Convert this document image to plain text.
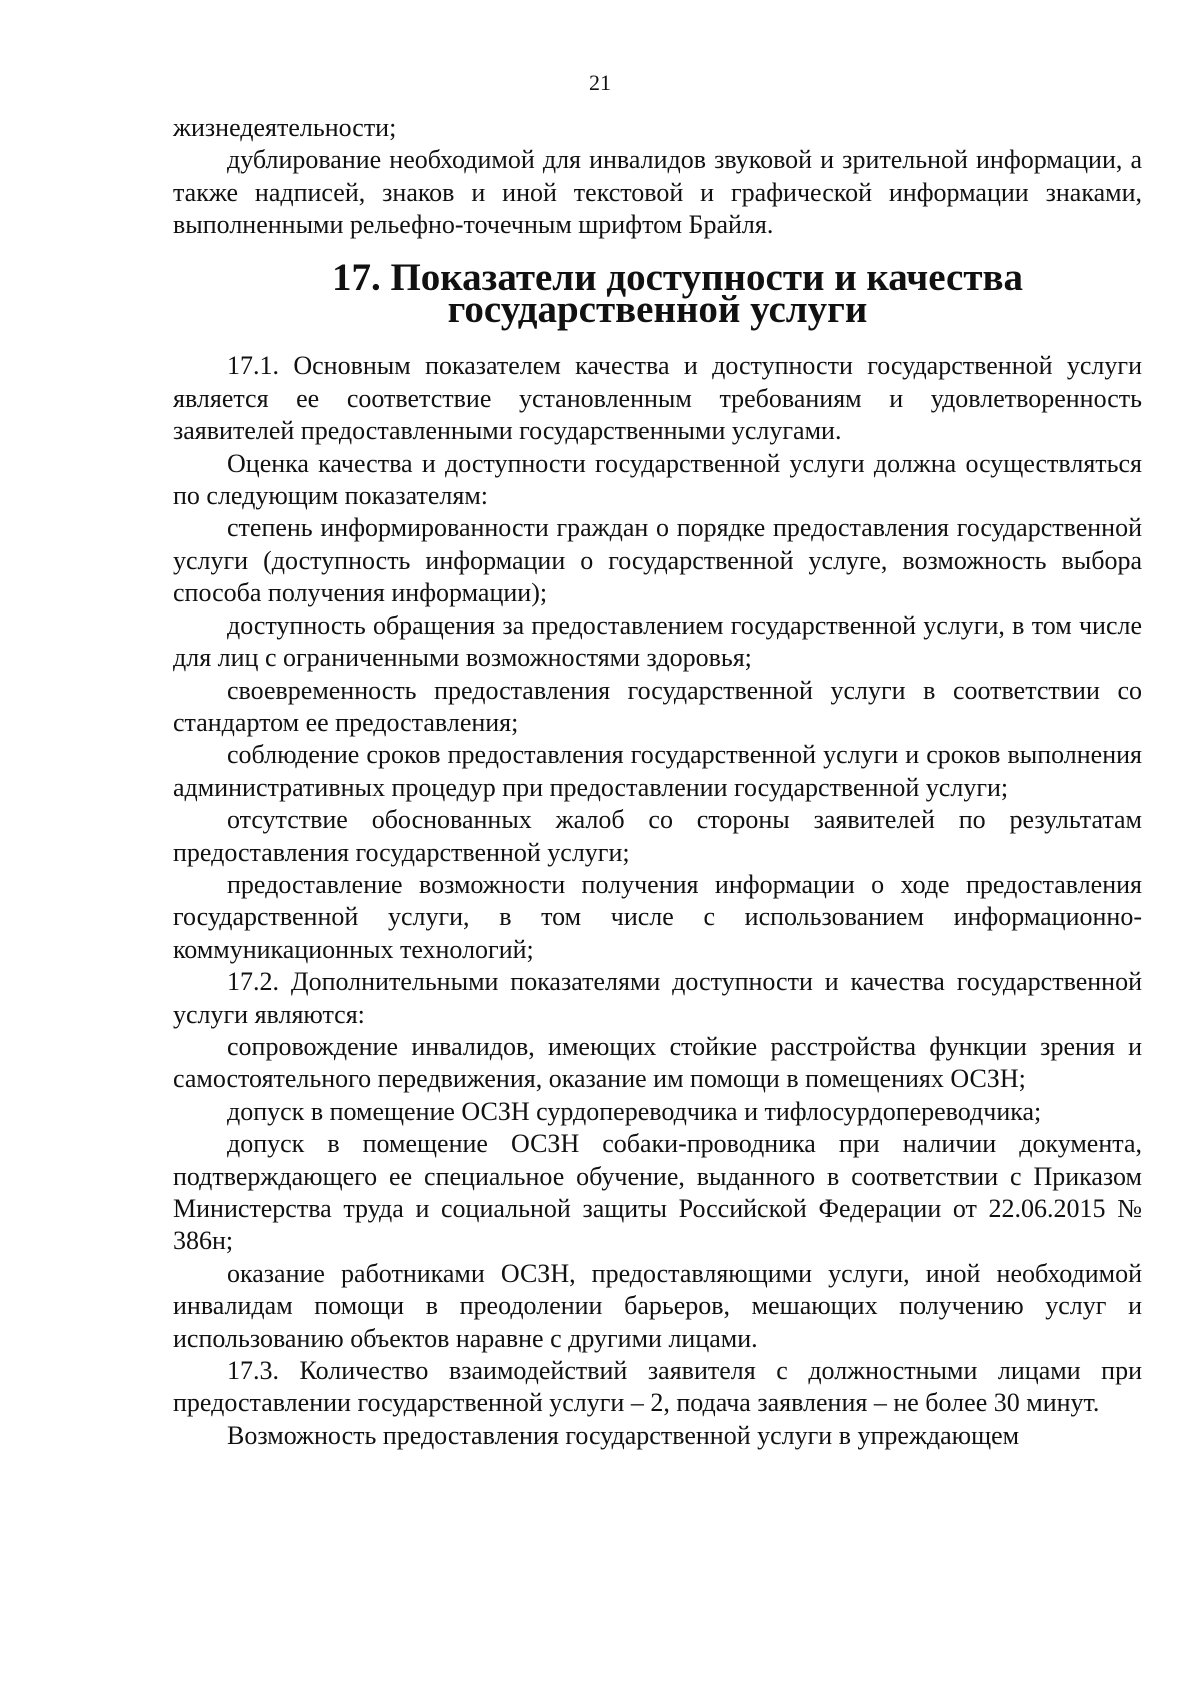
21

жизнедеятельности;

дублирование необходимой для инвалидов звуковой и зрительной информации, а также надписей, знаков и иной текстовой и графической информации знаками, выполненными рельефно-точечным шрифтом Брайля.

17. Показатели доступности и качества государственной услуги

17.1. Основным показателем качества и доступности государственной услуги является ее соответствие установленным требованиям и удовлетворенность заявителей предоставленными государственными услугами.

Оценка качества и доступности государственной услуги должна осуществляться по следующим показателям:

степень информированности граждан о порядке предоставления государственной услуги (доступность информации о государственной услуге, возможность выбора способа получения информации);

доступность обращения за предоставлением государственной услуги, в том числе для лиц с ограниченными возможностями здоровья;

своевременность предоставления государственной услуги в соответствии со стандартом ее предоставления;

соблюдение сроков предоставления государственной услуги и сроков выполнения административных процедур при предоставлении государственной услуги;

отсутствие обоснованных жалоб со стороны заявителей по результатам предоставления государственной услуги;

предоставление возможности получения информации о ходе предоставления государственной услуги, в том числе с использованием информационно-коммуникационных технологий;

17.2. Дополнительными показателями доступности и качества государственной услуги являются:

сопровождение инвалидов, имеющих стойкие расстройства функции зрения и самостоятельного передвижения, оказание им помощи в помещениях ОСЗН;

допуск в помещение ОСЗН сурдопереводчика и тифлосурдопереводчика;

допуск в помещение ОСЗН собаки-проводника при наличии документа, подтверждающего ее специальное обучение, выданного в соответствии с Приказом Министерства труда и социальной защиты Российской Федерации от 22.06.2015 № 386н;

оказание работниками ОСЗН, предоставляющими услуги, иной необходимой инвалидам помощи в преодолении барьеров, мешающих получению услуг и использованию объектов наравне с другими лицами.

17.3. Количество взаимодействий заявителя с должностными лицами при предоставлении государственной услуги – 2, подача заявления – не более 30 минут.

Возможность предоставления государственной услуги в упреждающем
